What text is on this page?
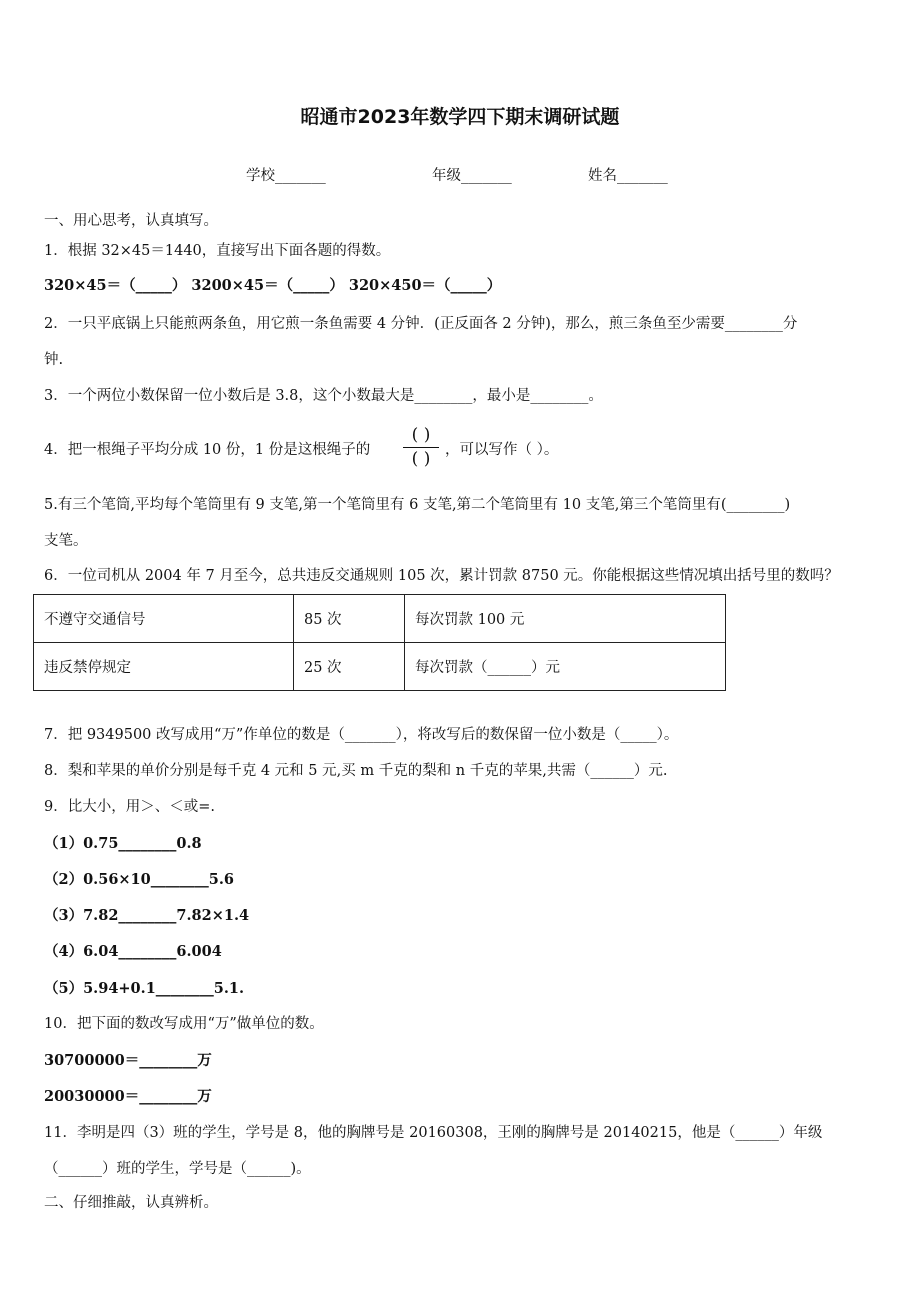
昭通市2023年数学四下期末调研试题
学校_______	年级_______	姓名_______
一、用心思考，认真填写。
1．根据 32×45＝1440，直接写出下面各题的得数。
320×45＝（_____） 3200×45＝（_____） 320×450＝（_____）
2．一只平底锅上只能煎两条鱼，用它煎一条鱼需要 4 分钟．(正反面各 2 分钟)，那么，煎三条鱼至少需要________分
钟.
3．一个两位小数保留一位小数后是 3.8，这个小数最大是________，最小是________。
4．把一根绳子平均分成 10 份，1 份是这根绳子的
( )
( )	，可以写作（ ）。
5.有三个笔筒,平均每个笔筒里有 9 支笔,第一个笔筒里有 6 支笔,第二个笔筒里有 10 支笔,第三个笔筒里有(________)
支笔。
6．一位司机从 2004 年 7 月至今，总共违反交通规则 105 次，累计罚款 8750 元。你能根据这些情况填出括号里的数吗？
不遵守交通信号	85 次	每次罚款 100 元
违反禁停规定	25 次	每次罚款（______）元
7．把 9349500 改写成用“万”作单位的数是（_______），将改写后的数保留一位小数是（_____）。
8．梨和苹果的单价分别是每千克 4 元和 5 元,买 m 千克的梨和 n 千克的苹果,共需（______）元.
9．比大小，用＞、＜或=.
（1）0.75________0.8
（2）0.56×10________5.6
（3）7.82________7.82×1.4
（4）6.04________6.004
（5）5.94+0.1________5.1.
10．把下面的数改写成用“万”做单位的数。
30700000＝________万
20030000＝________万
11．李明是四（3）班的学生，学号是 8，他的胸牌号是 20160308，王刚的胸牌号是 20140215，他是（______）年级
（______）班的学生，学号是（______)。
二、仔细推敲，认真辨析。
